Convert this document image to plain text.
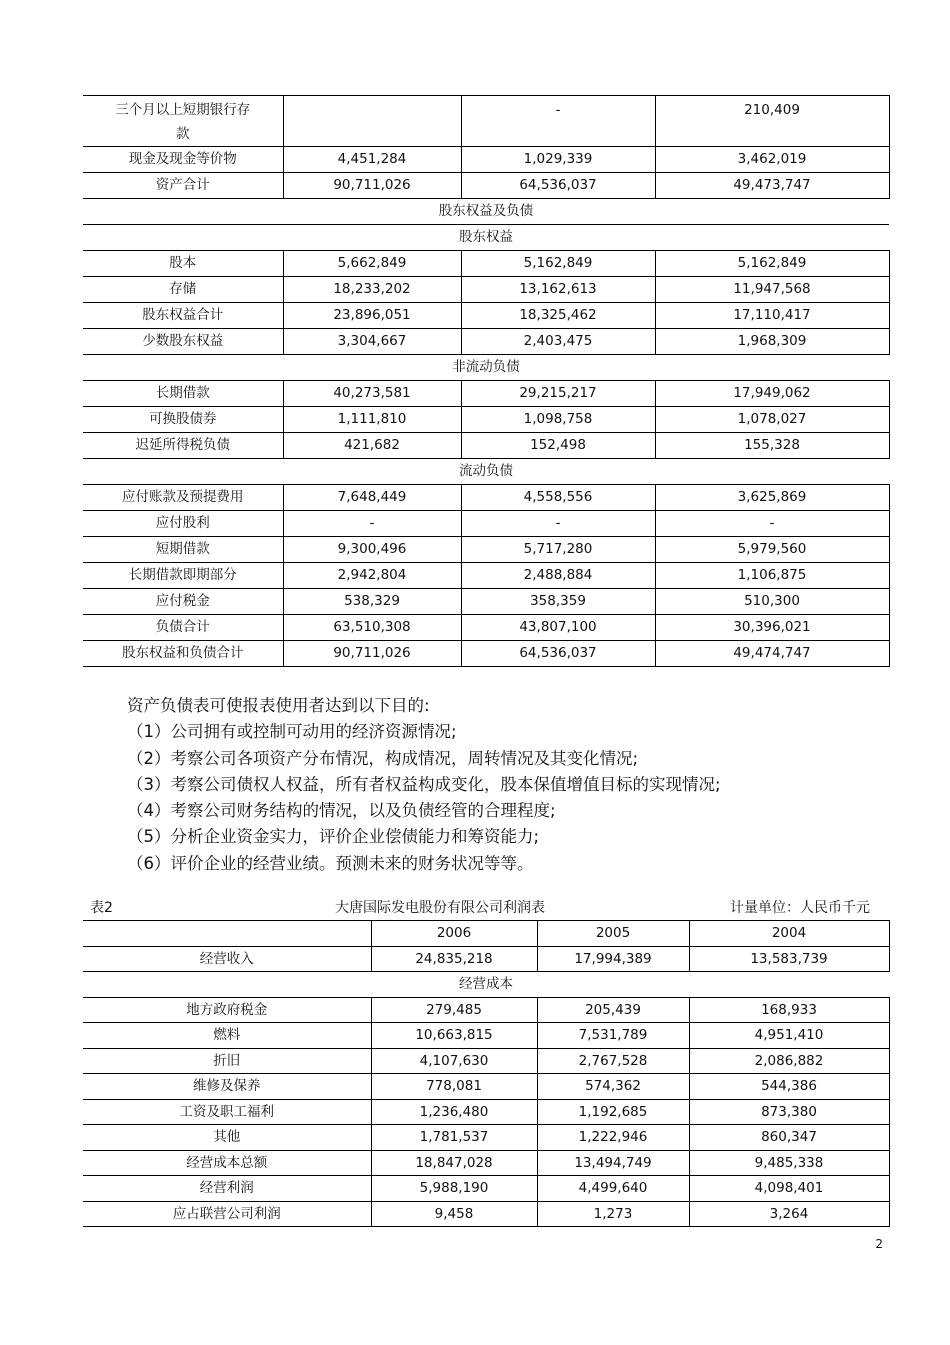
三个月以上短期银行存款		-	210,409
现金及现金等价物	4,451,284	1,029,339	3,462,019
资产合计	90,711,026	64,536,037	49,473,747
股东权益及负债			
股东权益			
股本	5,662,849	5,162,849	5,162,849
存储	18,233,202	13,162,613	11,947,568
股东权益合计	23,896,051	18,325,462	17,110,417
少数股东权益	3,304,667	2,403,475	1,968,309
非流动负债			
长期借款	40,273,581	29,215,217	17,949,062
可换股债券	1,111,810	1,098,758	1,078,027
迟延所得税负债	421,682	152,498	155,328
流动负债			
应付账款及预提费用	7,648,449	4,558,556	3,625,869
应付股利	-	-	-
短期借款	9,300,496	5,717,280	5,979,560
长期借款即期部分	2,942,804	2,488,884	1,106,875
应付税金	538,329	358,359	510,300
负债合计	63,510,308	43,807,100	30,396,021
股东权益和负债合计	90,711,026	64,536,037	49,474,747
资产负债表可使报表使用者达到以下目的:
（1）公司拥有或控制可动用的经济资源情况;
（2）考察公司各项资产分布情况，构成情况，周转情况及其变化情况;
（3）考察公司债权人权益，所有者权益构成变化，股本保值增值目标的实现情况;
（4）考察公司财务结构的情况，以及负债经管的合理程度;
（5）分析企业资金实力，评价企业偿债能力和筹资能力;
（6）评价企业的经营业绩。预测未来的财务状况等等。
表2	大唐国际发电股份有限公司利润表	计量单位：人民币千元
	2006	2005	2004
经营收入	24,835,218	17,994,389	13,583,739
经营成本			
地方政府税金	279,485	205,439	168,933
燃料	10,663,815	7,531,789	4,951,410
折旧	4,107,630	2,767,528	2,086,882
维修及保养	778,081	574,362	544,386
工资及职工福利	1,236,480	1,192,685	873,380
其他	1,781,537	1,222,946	860,347
经营成本总额	18,847,028	13,494,749	9,485,338
经营利润	5,988,190	4,499,640	4,098,401
应占联营公司利润	9,458	1,273	3,264
2
